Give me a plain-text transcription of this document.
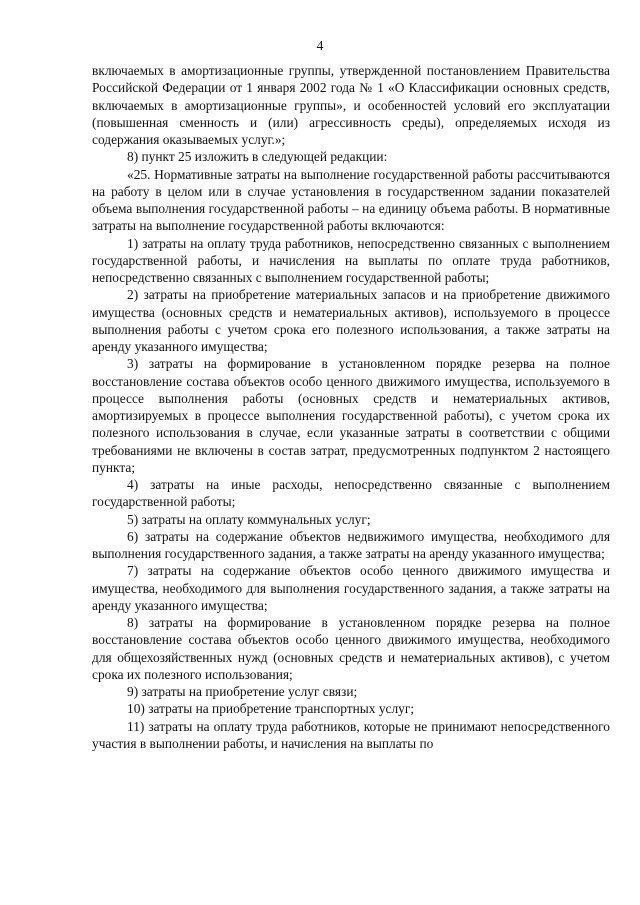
4

включаемых в амортизационные группы, утвержденной постановлением Правительства Российской Федерации от 1 января 2002 года № 1 «О Классификации основных средств, включаемых в амортизационные группы», и особенностей условий его эксплуатации (повышенная сменность и (или) агрессивность среды), определяемых исходя из содержания оказываемых услуг.»;

8) пункт 25 изложить в следующей редакции:

«25. Нормативные затраты на выполнение государственной работы рассчитываются на работу в целом или в случае установления в государственном задании показателей объема выполнения государственной работы – на единицу объема работы. В нормативные затраты на выполнение государственной работы включаются:

1) затраты на оплату труда работников, непосредственно связанных с выполнением государственной работы, и начисления на выплаты по оплате труда работников, непосредственно связанных с выполнением государственной работы;

2) затраты на приобретение материальных запасов и на приобретение движимого имущества (основных средств и нематериальных активов), используемого в процессе выполнения работы с учетом срока его полезного использования, а также затраты на аренду указанного имущества;

3) затраты на формирование в установленном порядке резерва на полное восстановление состава объектов особо ценного движимого имущества, используемого в процессе выполнения работы (основных средств и нематериальных активов, амортизируемых в процессе выполнения государственной работы), с учетом срока их полезного использования в случае, если указанные затраты в соответствии с общими требованиями не включены в состав затрат, предусмотренных подпунктом 2 настоящего пункта;

4) затраты на иные расходы, непосредственно связанные с выполнением государственной работы;

5) затраты на оплату коммунальных услуг;

6) затраты на содержание объектов недвижимого имущества, необходимого для выполнения государственного задания, а также затраты на аренду указанного имущества;

7) затраты на содержание объектов особо ценного движимого имущества и имущества, необходимого для выполнения государственного задания, а также затраты на аренду указанного имущества;

8) затраты на формирование в установленном порядке резерва на полное восстановление состава объектов особо ценного движимого имущества, необходимого для общехозяйственных нужд (основных средств и нематериальных активов), с учетом срока их полезного использования;

9) затраты на приобретение услуг связи;

10) затраты на приобретение транспортных услуг;

11) затраты на оплату труда работников, которые не принимают непосредственного участия в выполнении работы, и начисления на выплаты по
